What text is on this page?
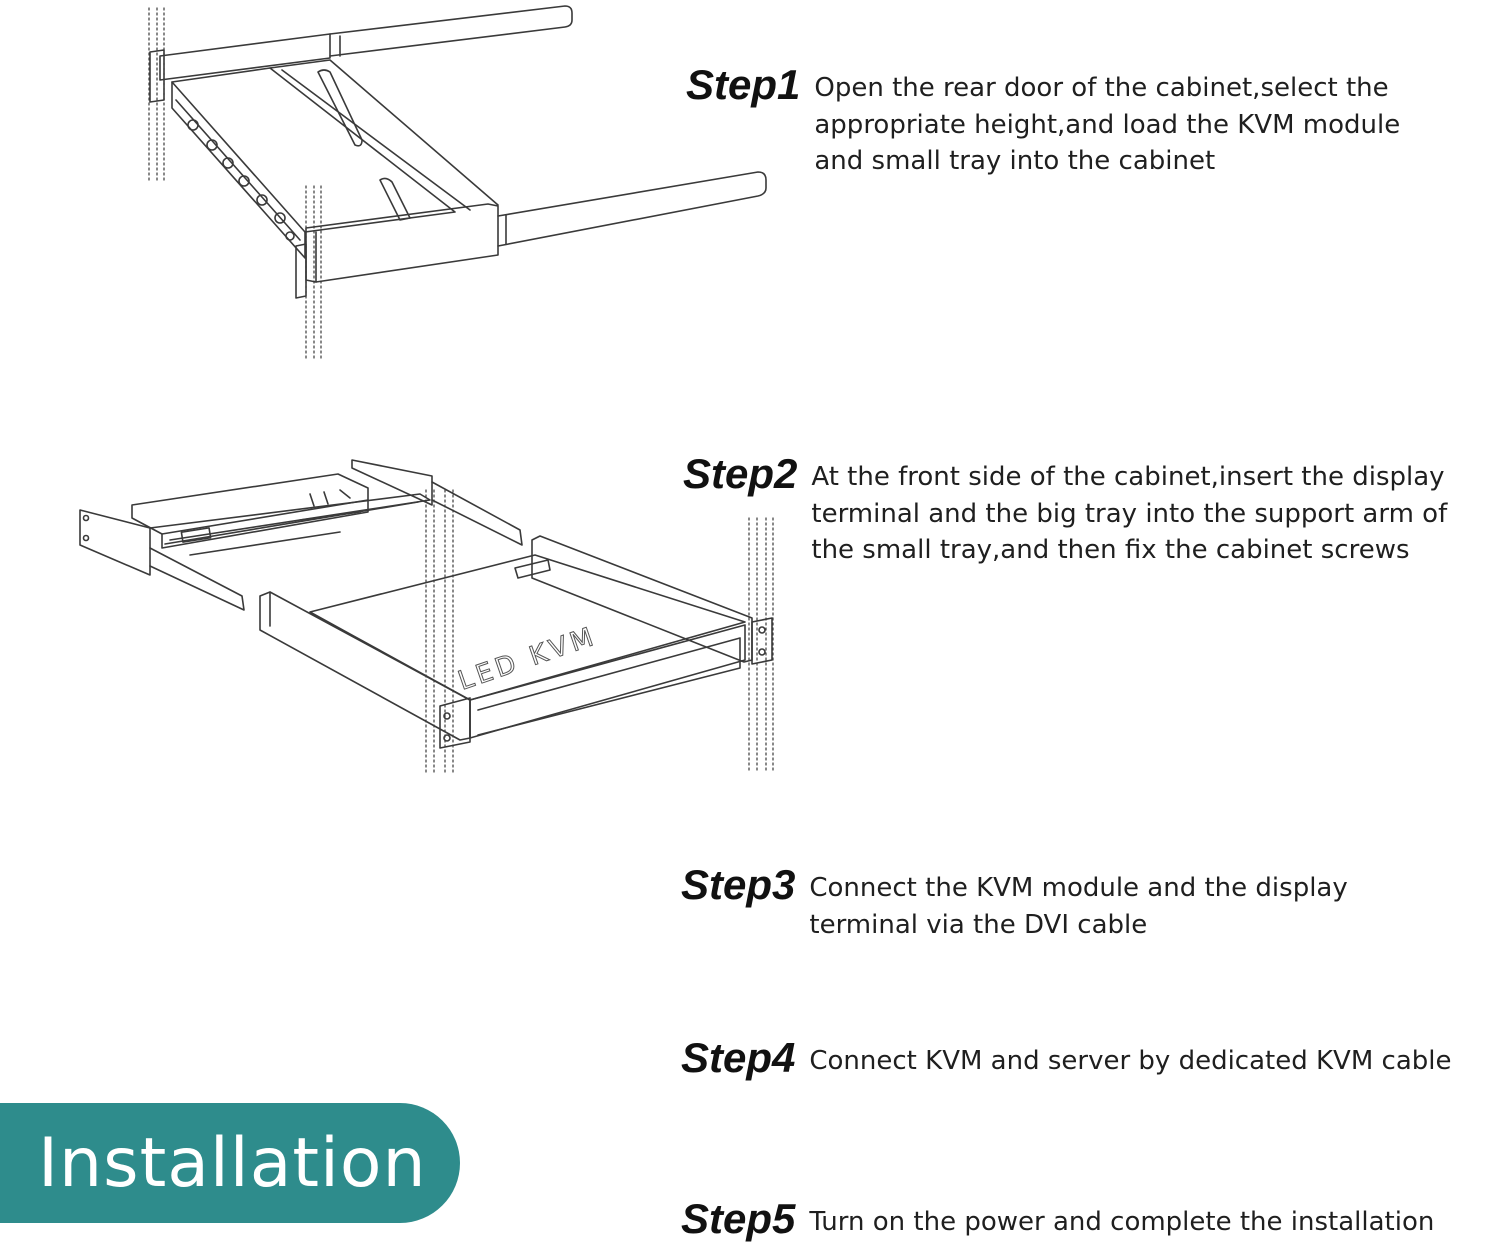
LED KVM
Step1 Open the rear door of the cabinet,select the
appropriate height,and load the KVM module
and small tray into the cabinet
Step2 At the front side of the cabinet,insert the display
terminal and the big tray into the support arm of
the small tray,and then fix the cabinet screws
Step3 Connect the KVM module and the display
terminal via the DVI cable
Step4 Connect KVM and server by dedicated KVM cable
Step5 Turn on the power and complete the installation
Installation
